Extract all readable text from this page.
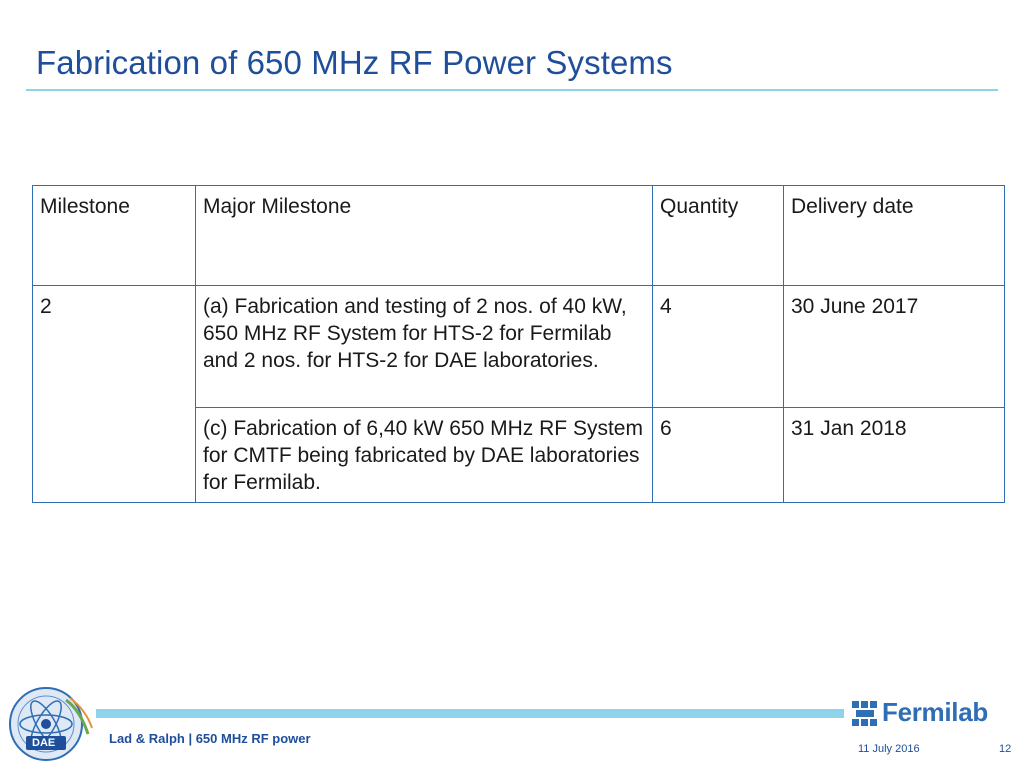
Fabrication of 650 MHz RF Power Systems
Milestone	Major Milestone	Quantity	Delivery date
2	(a) Fabrication and testing of 2 nos. of 40 kW, 650 MHz RF System for HTS-2 for Fermilab and 2 nos. for HTS-2 for DAE laboratories.	4	30 June 2017
	(c) Fabrication of 6,40 kW 650 MHz RF System for CMTF being fabricated by DAE laboratories for Fermilab.	6	31 Jan 2018
DAE	Lad & Ralph | 650 MHz RF power
Fermilab
11 July 2016	12
